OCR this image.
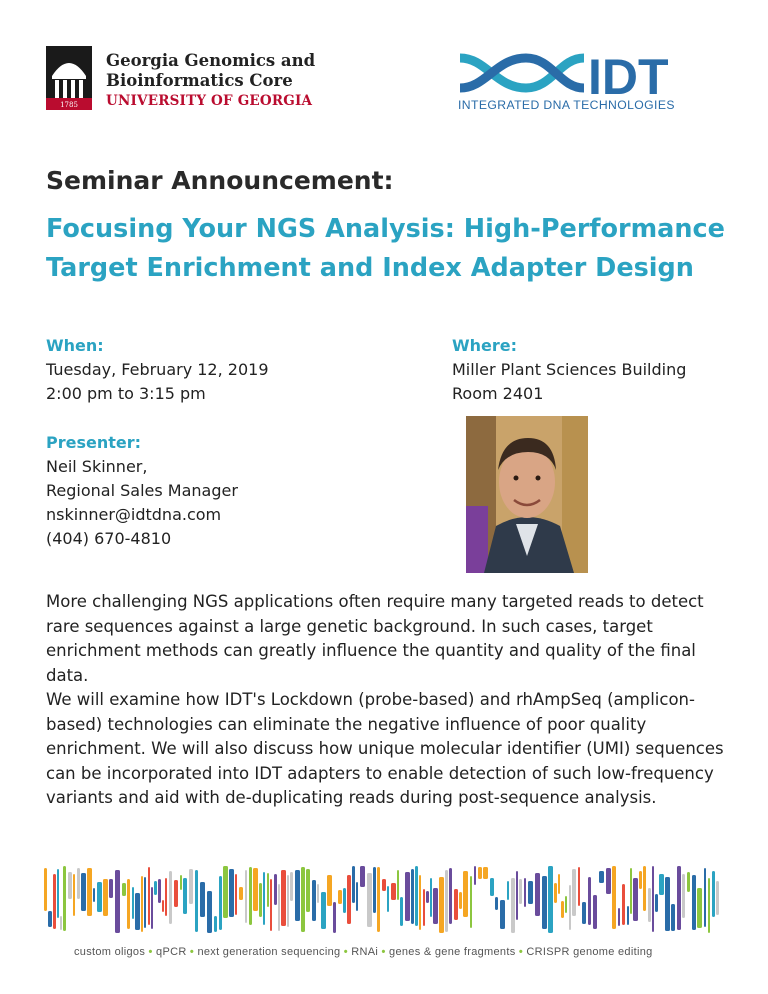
1785
Georgia Genomics and
Bioinformatics Core
UNIVERSITY OF GEORGIA	IDT
INTEGRATED DNA TECHNOLOGIES
Seminar Announcement:
Focusing Your NGS Analysis: High-Performance Target Enrichment and Index Adapter Design
When:
Tuesday, February 12, 2019
2:00 pm to 3:15 pm
Where:
Miller Plant Sciences Building
Room 2401
Presenter:
Neil Skinner,
Regional Sales Manager
nskinner@idtdna.com
(404) 670-4810

More challenging NGS applications often require many targeted reads to detect rare sequences against a large genetic background. In such cases, target enrichment methods can greatly influence the quantity and quality of the final data.

We will examine how IDT's Lockdown (probe-based) and rhAmpSeq (amplicon-based) technologies can eliminate the negative influence of poor quality enrichment. We will also discuss how unique molecular identifier (UMI) sequences can be incorporated into IDT adapters to enable detection of such low-frequency variants and aid with de-duplicating reads during post-sequence analysis.

custom oligos • qPCR • next generation sequencing • RNAi • genes & gene fragments • CRISPR genome editing
